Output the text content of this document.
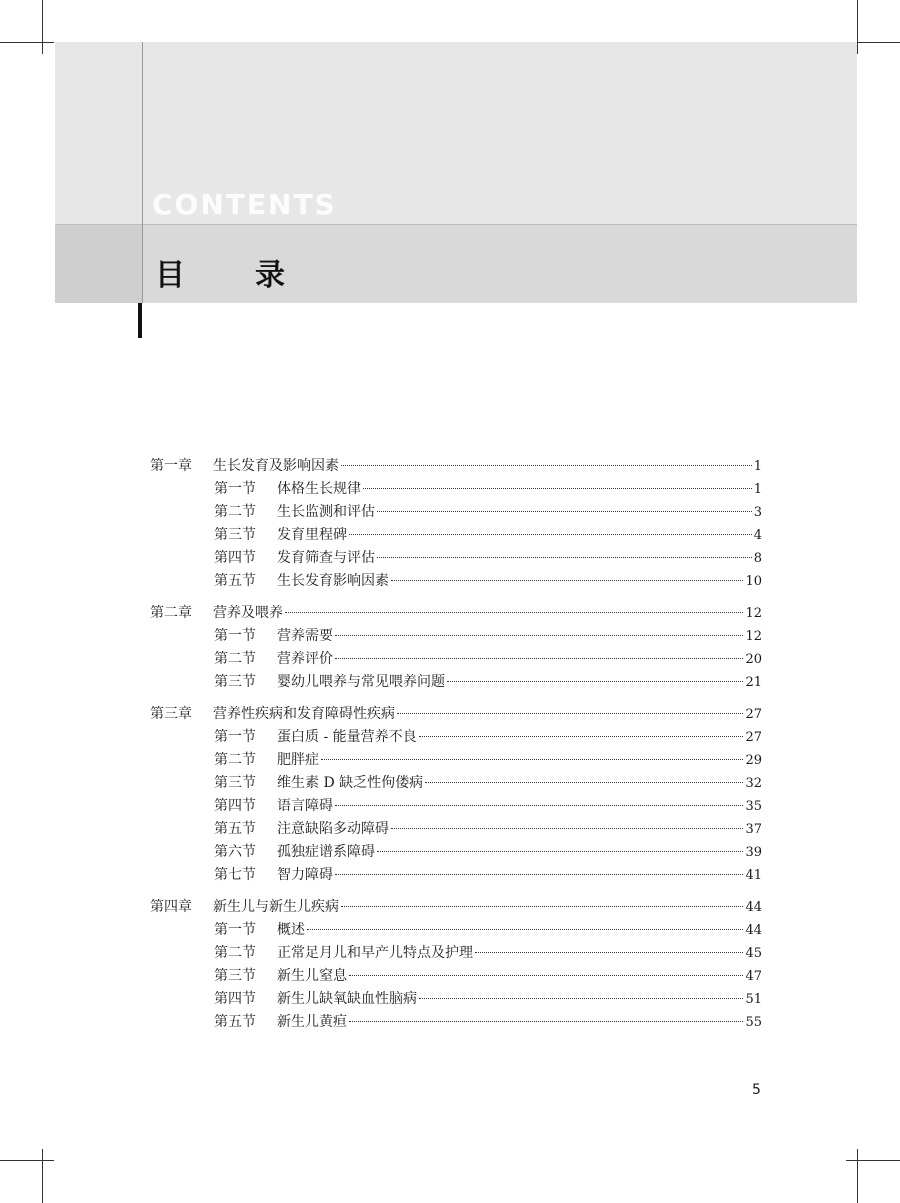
CONTENTS
目　录
第一章	生长发育及影响因素	1
第一节	体格生长规律	1
第二节	生长监测和评估	3
第三节	发育里程碑	4
第四节	发育筛查与评估	8
第五节	生长发育影响因素	10
第二章	营养及喂养	12
第一节	营养需要	12
第二节	营养评价	20
第三节	婴幼儿喂养与常见喂养问题	21
第三章	营养性疾病和发育障碍性疾病	27
第一节	蛋白质 - 能量营养不良	27
第二节	肥胖症	29
第三节	维生素 D 缺乏性佝偻病	32
第四节	语言障碍	35
第五节	注意缺陷多动障碍	37
第六节	孤独症谱系障碍	39
第七节	智力障碍	41
第四章	新生儿与新生儿疾病	44
第一节	概述	44
第二节	正常足月儿和早产儿特点及护理	45
第三节	新生儿窒息	47
第四节	新生儿缺氧缺血性脑病	51
第五节	新生儿黄疸	55
5
